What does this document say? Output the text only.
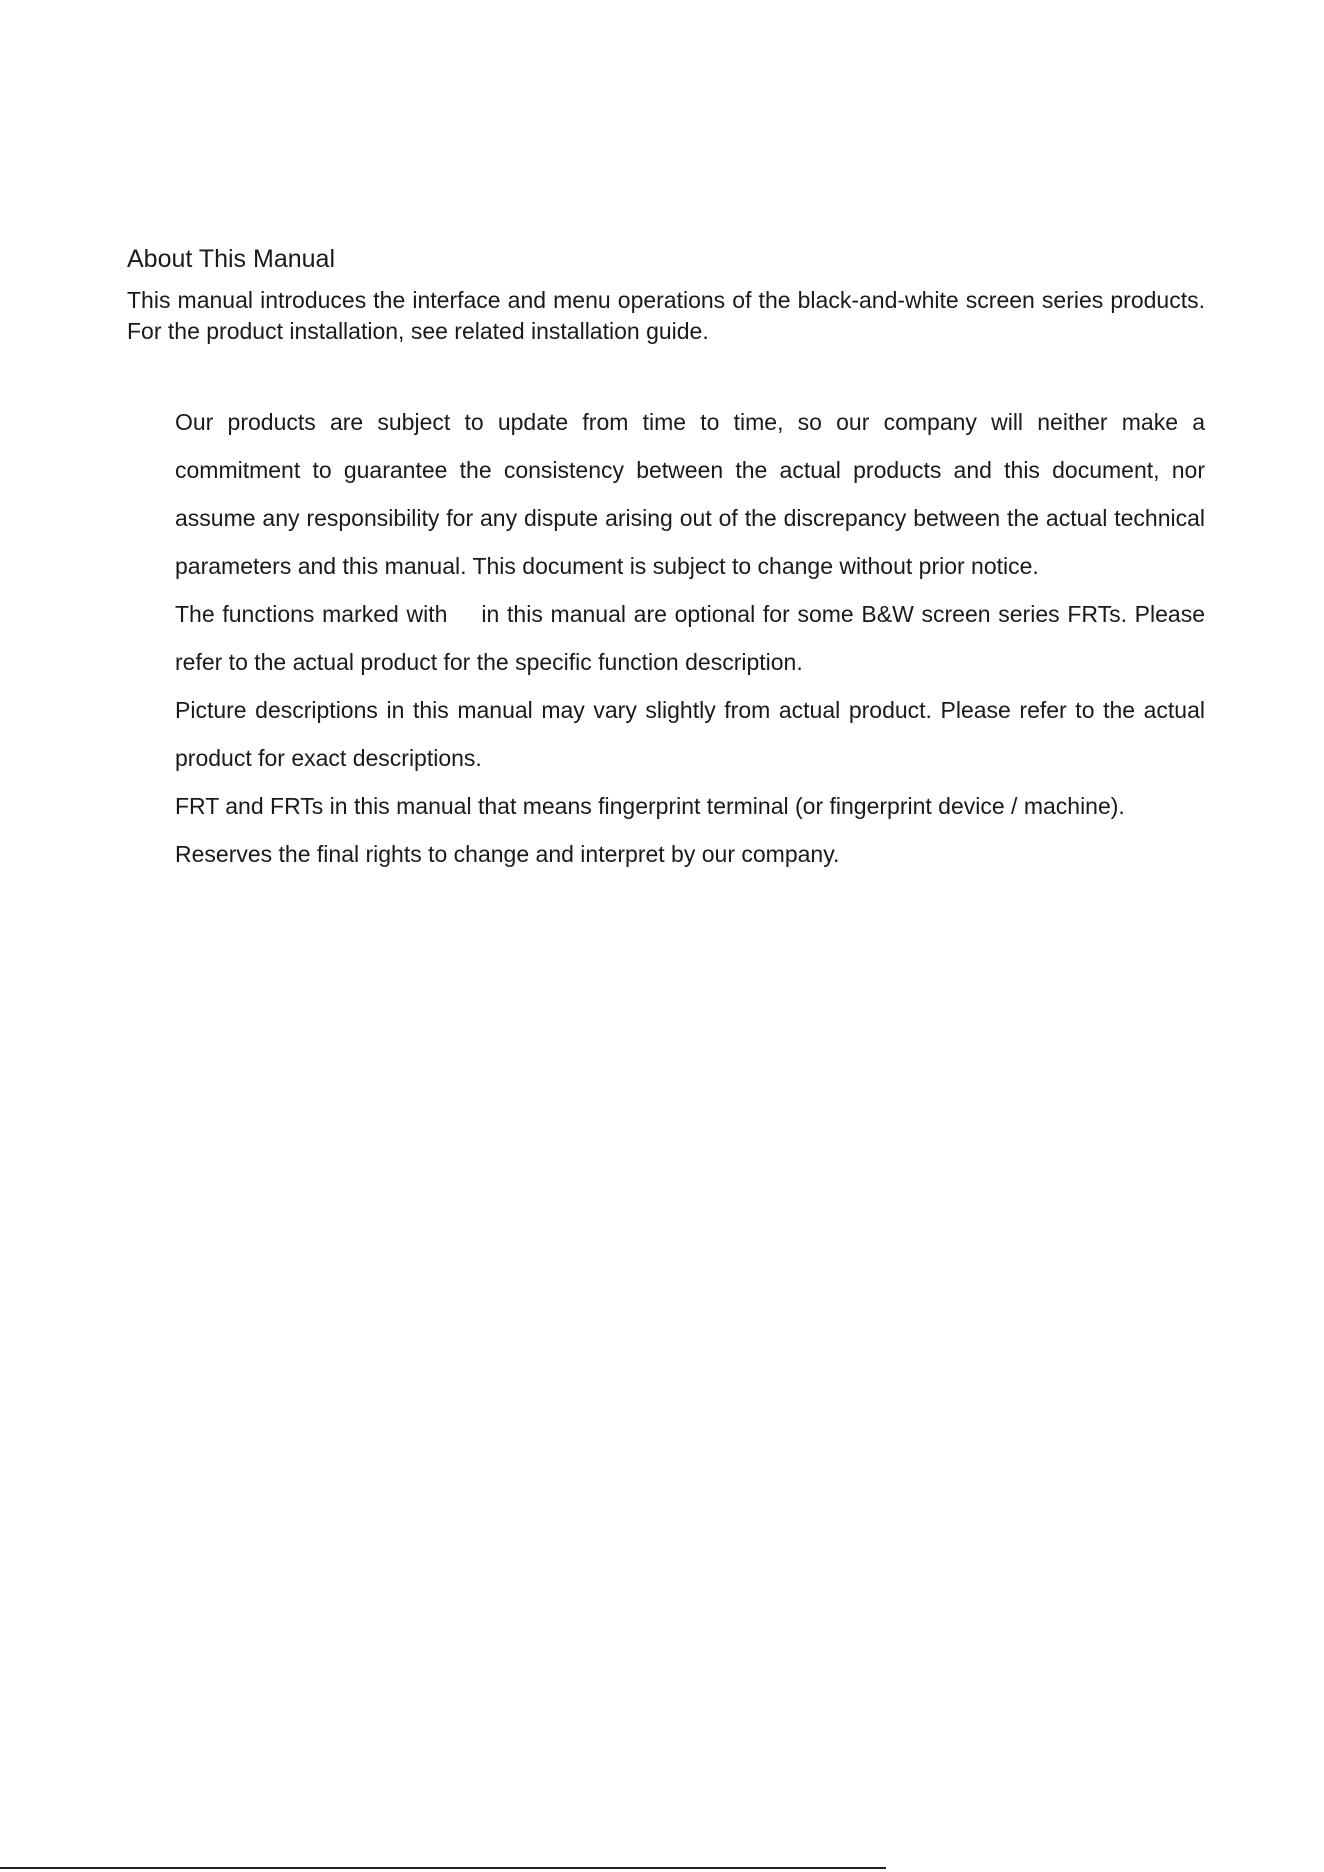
About This Manual

This manual introduces the interface and menu operations of the black-and-white screen series products. For the product installation, see related installation guide.

Our products are subject to update from time to time, so our company will neither make a commitment to guarantee the consistency between the actual products and this document, nor assume any responsibility for any dispute arising out of the discrepancy between the actual technical parameters and this manual. This document is subject to change without prior notice.
The functions marked with in this manual are optional for some B&W screen series FRTs. Please refer to the actual product for the specific function description.
Picture descriptions in this manual may vary slightly from actual product. Please refer to the actual product for exact descriptions.
FRT and FRTs in this manual that means fingerprint terminal (or fingerprint device / machine).
Reserves the final rights to change and interpret by our company.
